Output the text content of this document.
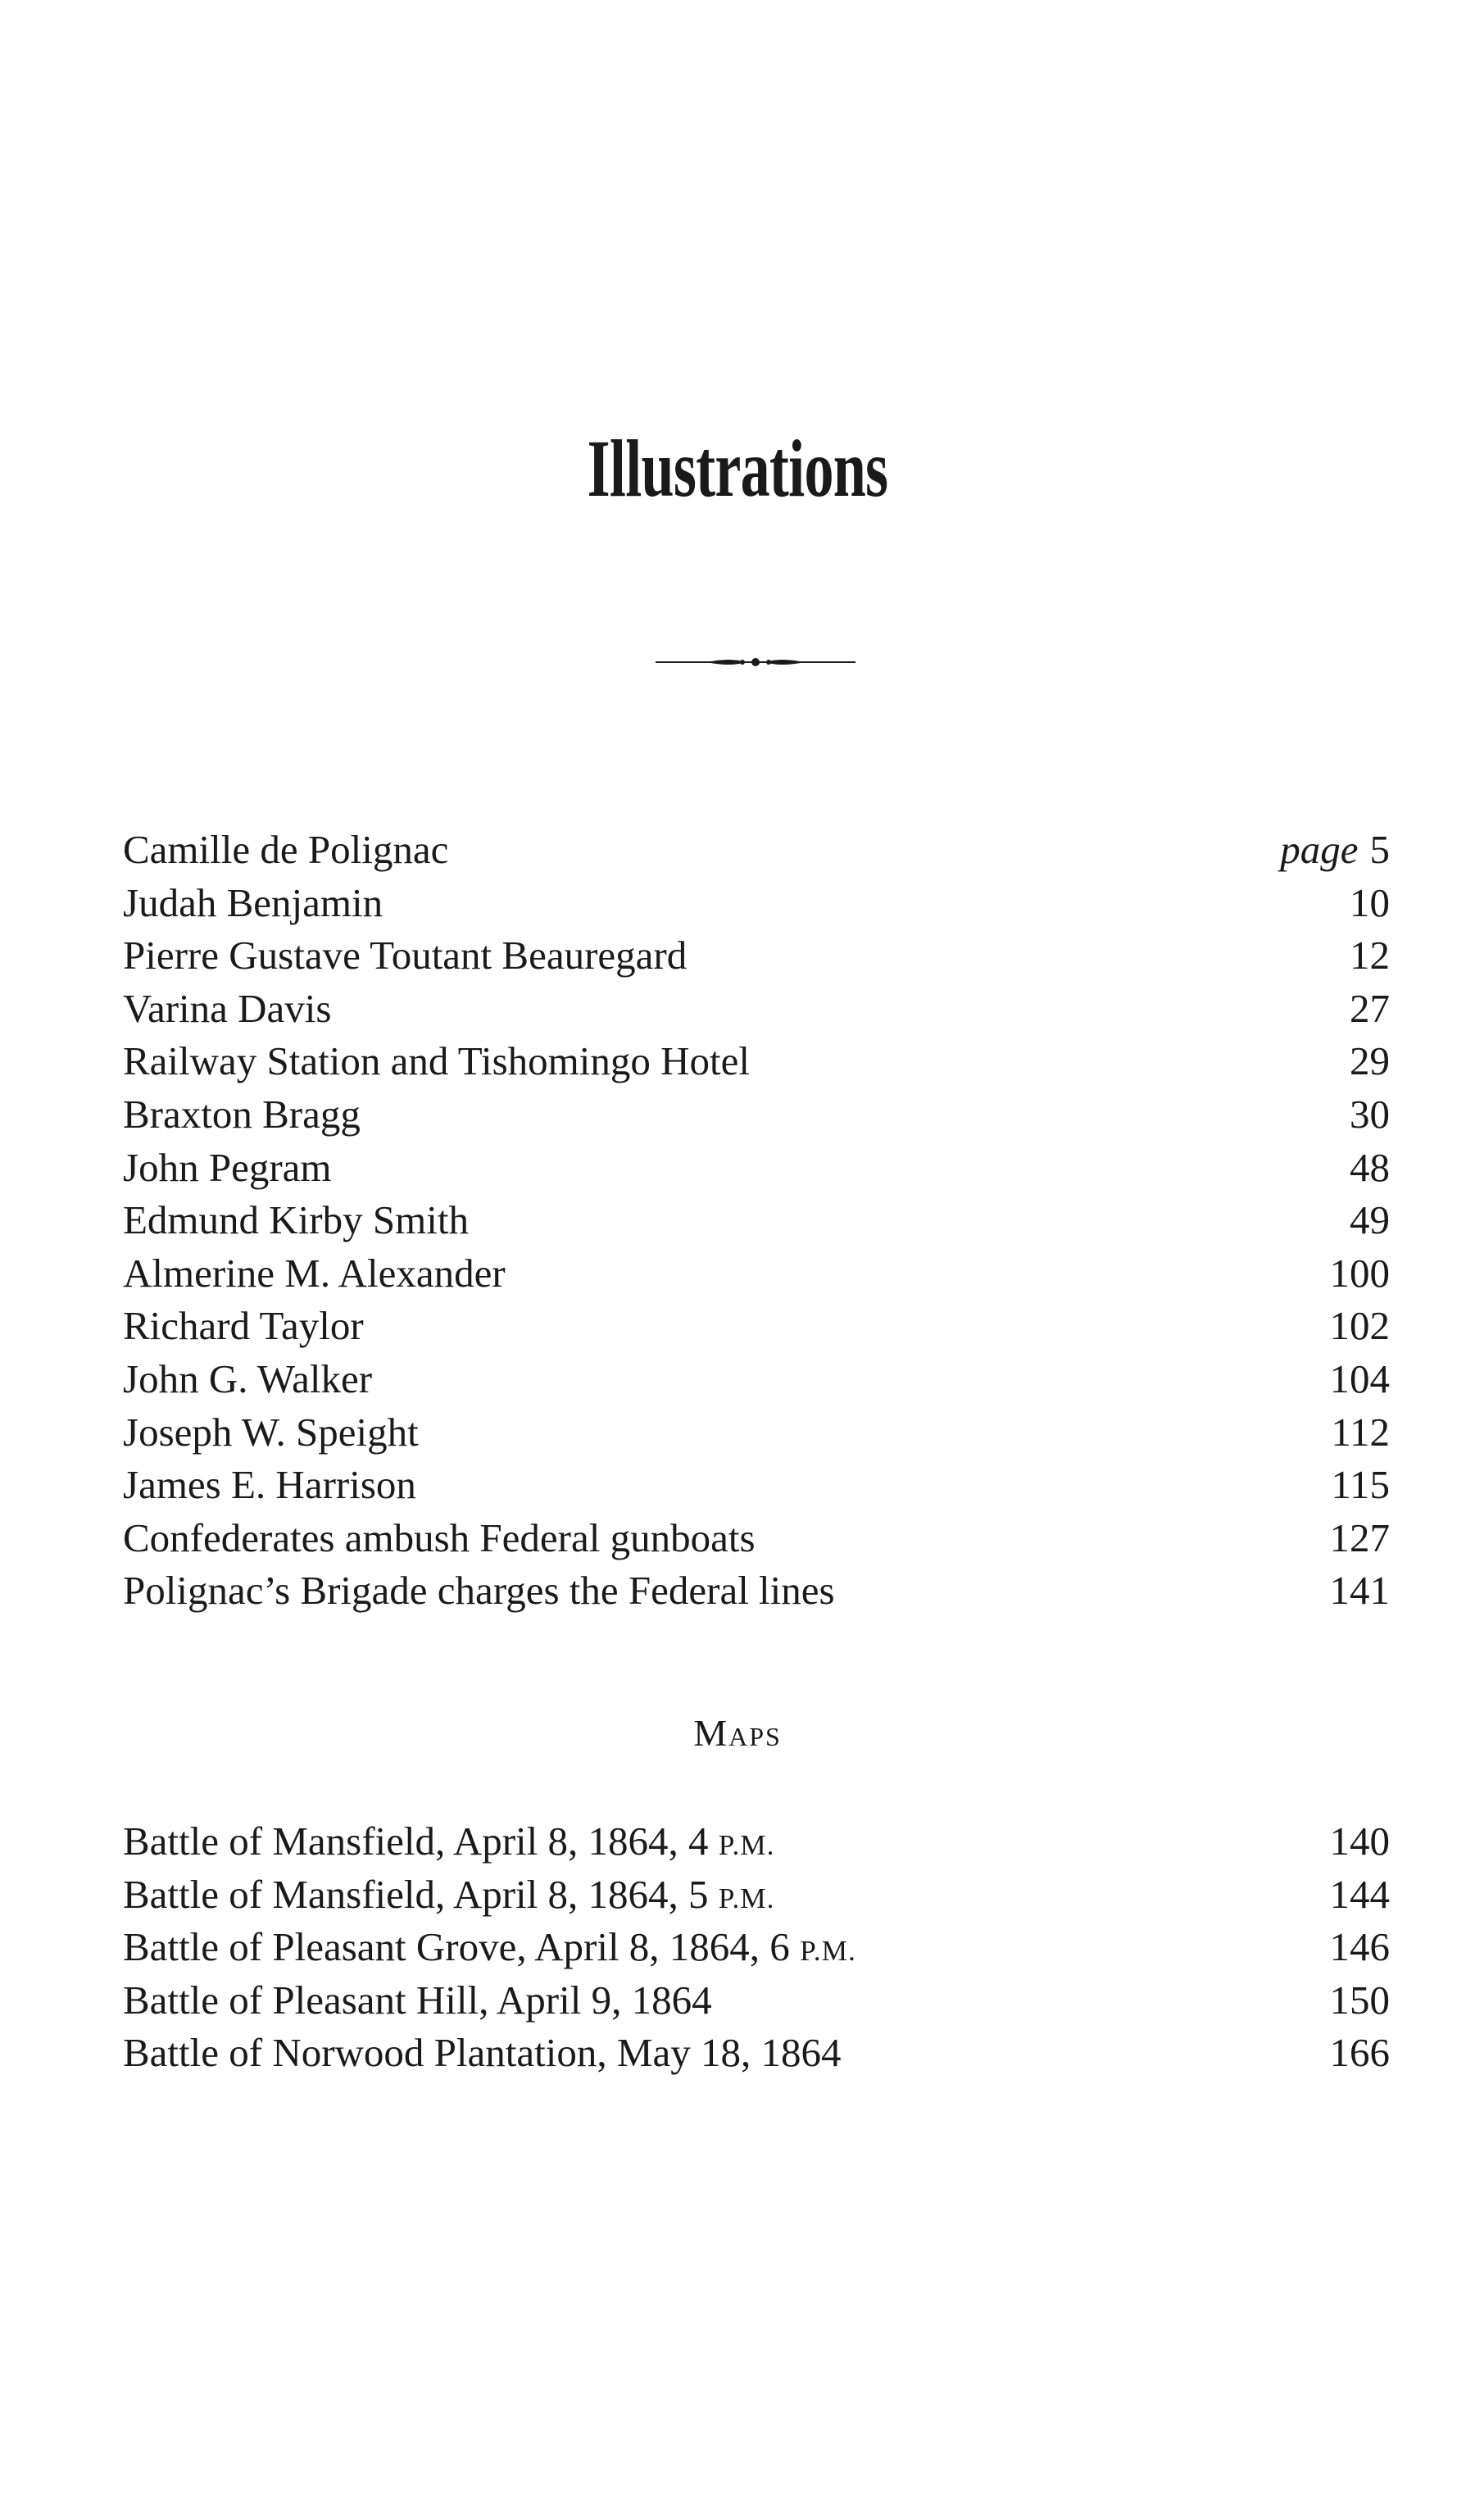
Illustrations
Camille de Polignac	page 5
Judah Benjamin	10
Pierre Gustave Toutant Beauregard	12
Varina Davis	27
Railway Station and Tishomingo Hotel	29
Braxton Bragg	30
John Pegram	48
Edmund Kirby Smith	49
Almerine M. Alexander	100
Richard Taylor	102
John G. Walker	104
Joseph W. Speight	112
James E. Harrison	115
Confederates ambush Federal gunboats	127
Polignac’s Brigade charges the Federal lines	141
Maps
Battle of Mansfield, April 8, 1864, 4 P.M.	140
Battle of Mansfield, April 8, 1864, 5 P.M.	144
Battle of Pleasant Grove, April 8, 1864, 6 P.M.	146
Battle of Pleasant Hill, April 9, 1864	150
Battle of Norwood Plantation, May 18, 1864	166
